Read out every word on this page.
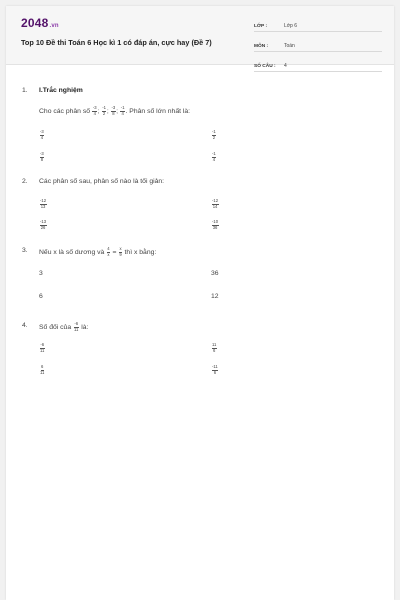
2048.vn
Top 10 Đề thi Toán 6 Học kì 1 có đáp án, cực hay (Đề 7)
LỚP :	Lớp 6
MÔN :	Toán
SỐ CÂU : 4
1. I.Trắc nghiệm
Cho các phân số $\frac{-3}{4}$ ; $\frac{-1}{2}$ ; $\frac{-3}{8}$ ; $\frac{-1}{4}$ . Phân số lớn nhất là:
$\frac{-3}{4}$	$\frac{-1}{2}$
$\frac{-3}{8}$	$\frac{-1}{4}$
2. Các phân số sau, phân số nào là tối giản:
$\frac{-12}{13}$	$\frac{-12}{14}$
$\frac{-13}{26}$	$\frac{-10}{36}$
3. Nếu x là số dương và $\frac{4}{x} = \frac{x}{9}$ thì x bằng:
3	36
6	12
4. Số đối của $\frac{-6}{11}$ là:
$\frac{-6}{11}$	$\frac{11}{6}$
$\frac{6}{11}$	$\frac{-11}{6}$
